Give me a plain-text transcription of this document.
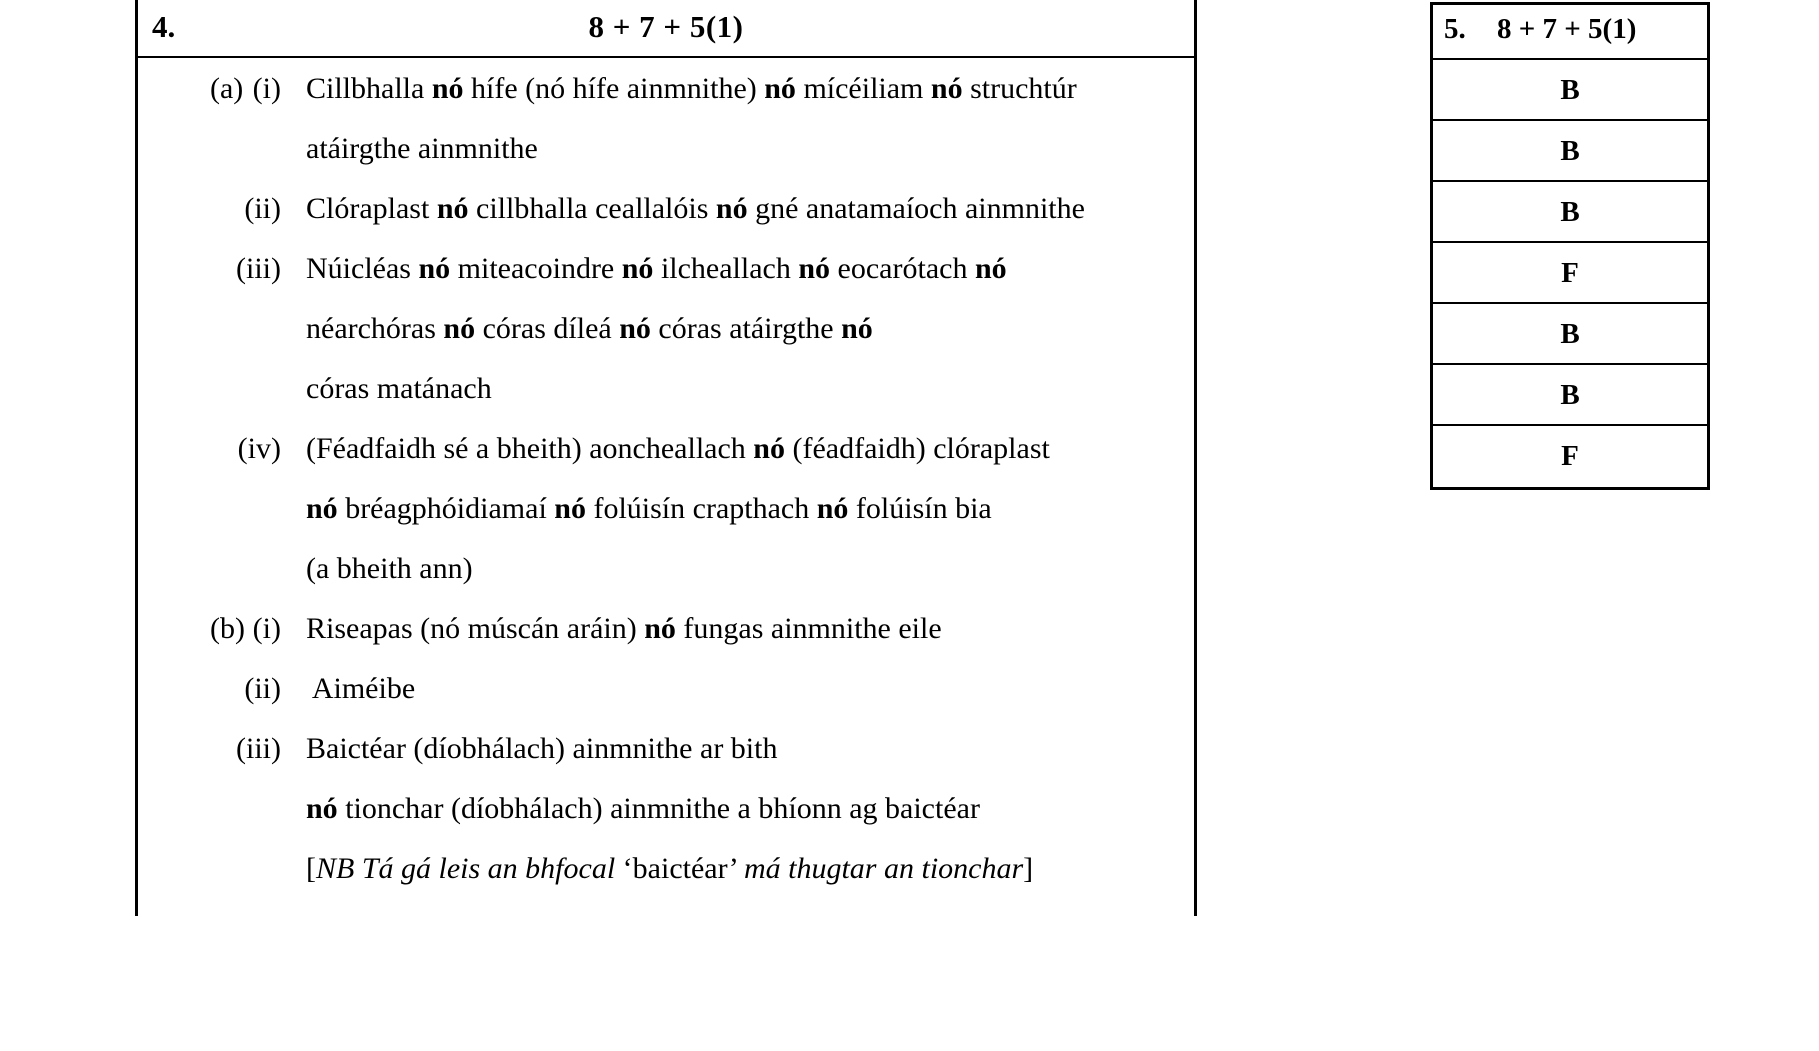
4.	8 + 7 + 5(1)
(a) (i) Cillbhalla nó hífe (nó hífe ainmnithe) nó mícéiliam nó struchtúr
atáirgthe ainmnithe
(ii) Clóraplast nó cillbhalla ceallalóis nó gné anatamaíoch ainmnithe
(iii) Núicléas nó miteacoindre nó ilcheallach nó eocarótach nó
néarchóras nó córas díleá nó córas atáirgthe nó
córas matánach
(iv) (Féadfaidh sé a bheith) aoncheallach nó (féadfaidh) clóraplast
nó bréagphóidiamaí nó folúisín crapthach nó folúisín bia
(a bheith ann)
(b) (i) Riseapas (nó múscán aráin) nó fungas ainmnithe eile
(ii) Aiméibe
(iii) Baictéar (díobhálach) ainmnithe ar bith
nó tionchar (díobhálach) ainmnithe a bhíonn ag baictéar
[NB Tá gá leis an bhfocal ‘baictéar’ má thugtar an tionchar]
5. 8 + 7 + 5(1)
B
B
B
F
B
B
F
